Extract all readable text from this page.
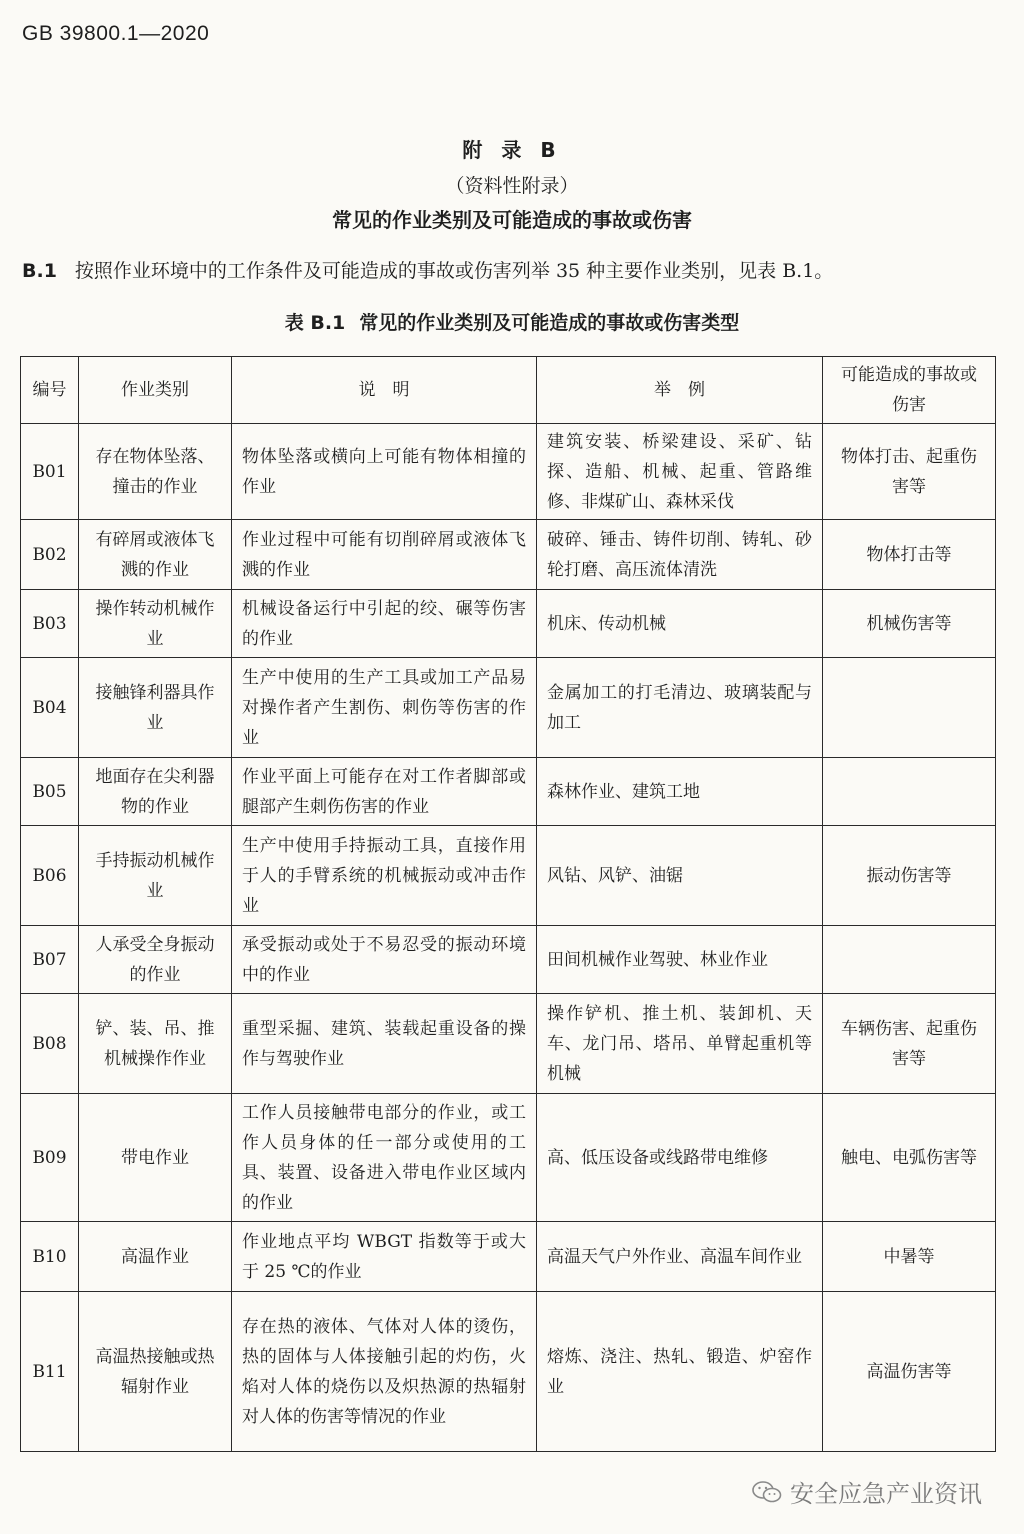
GB 39800.1—2020
附 录 B
（资料性附录）
常见的作业类别及可能造成的事故或伤害
B.1 按照作业环境中的工作条件及可能造成的事故或伤害列举 35 种主要作业类别，见表 B.1。
表 B.1 常见的作业类别及可能造成的事故或伤害类型
编号	作业类别	说　明	举　例	可能造成的事故或伤害
B01	存在物体坠落、撞击的作业	物体坠落或横向上可能有物体相撞的作业	建筑安装、桥梁建设、采矿、钻探、造船、机械、起重、管路维修、非煤矿山、森林采伐	物体打击、起重伤害等
B02	有碎屑或液体飞溅的作业	作业过程中可能有切削碎屑或液体飞溅的作业	破碎、锤击、铸件切削、铸轧、砂轮打磨、高压流体清洗	物体打击等
B03	操作转动机械作业	机械设备运行中引起的绞、碾等伤害的作业	机床、传动机械	机械伤害等
B04	接触锋利器具作业	生产中使用的生产工具或加工产品易对操作者产生割伤、刺伤等伤害的作业	金属加工的打毛清边、玻璃装配与加工	
B05	地面存在尖利器物的作业	作业平面上可能存在对工作者脚部或腿部产生刺伤伤害的作业	森林作业、建筑工地	
B06	手持振动机械作业	生产中使用手持振动工具，直接作用于人的手臂系统的机械振动或冲击作业	风钻、风铲、油锯	振动伤害等
B07	人承受全身振动的作业	承受振动或处于不易忍受的振动环境中的作业	田间机械作业驾驶、林业作业	
B08	铲、装、吊、推机械操作作业	重型采掘、建筑、装载起重设备的操作与驾驶作业	操作铲机、推土机、装卸机、天车、龙门吊、塔吊、单臂起重机等机械	车辆伤害、起重伤害等
B09	带电作业	工作人员接触带电部分的作业，或工作人员身体的任一部分或使用的工具、装置、设备进入带电作业区域内的作业	高、低压设备或线路带电维修	触电、电弧伤害等
B10	高温作业	作业地点平均 WBGT 指数等于或大于 25 ℃的作业	高温天气户外作业、高温车间作业	中暑等
B11	高温热接触或热辐射作业	存在热的液体、气体对人体的烫伤，热的固体与人体接触引起的灼伤，火焰对人体的烧伤以及炽热源的热辐射对人体的伤害等情况的作业	熔炼、浇注、热轧、锻造、炉窑作业	高温伤害等
安全应急产业资讯
